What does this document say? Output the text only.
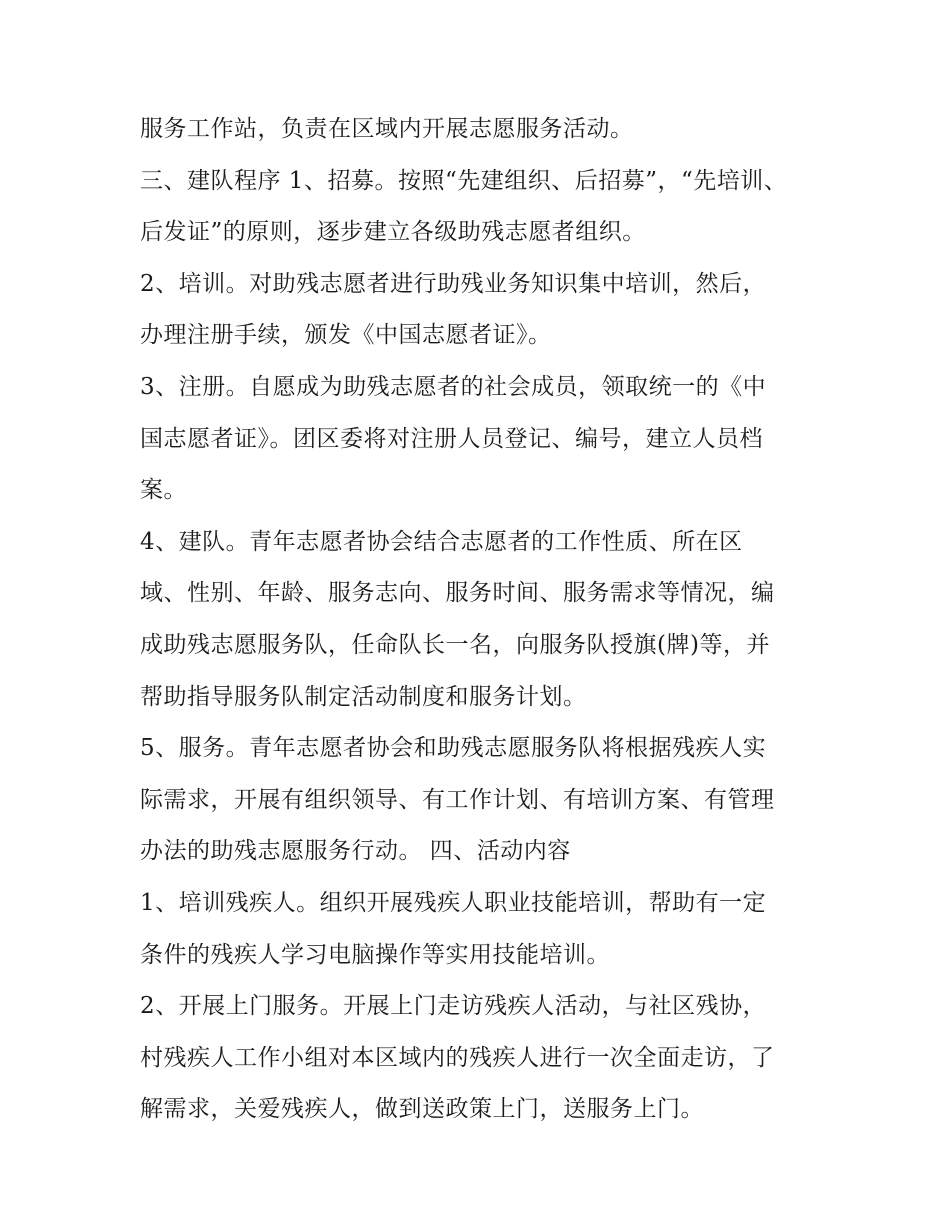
服务工作站，负责在区域内开展志愿服务活动。
三、建队程序 1、招募。按照“先建组织、后招募”，“先培训、
后发证”的原则，逐步建立各级助残志愿者组织。
2、培训。对助残志愿者进行助残业务知识集中培训，然后，
办理注册手续，颁发《中国志愿者证》。
3、注册。自愿成为助残志愿者的社会成员，领取统一的《中
国志愿者证》。团区委将对注册人员登记、编号，建立人员档
案。
4、建队。青年志愿者协会结合志愿者的工作性质、所在区
域、性别、年龄、服务志向、服务时间、服务需求等情况，编
成助残志愿服务队，任命队长一名，向服务队授旗(牌)等，并
帮助指导服务队制定活动制度和服务计划。
5、服务。青年志愿者协会和助残志愿服务队将根据残疾人实
际需求，开展有组织领导、有工作计划、有培训方案、有管理
办法的助残志愿服务行动。 四、活动内容
1、培训残疾人。组织开展残疾人职业技能培训，帮助有一定
条件的残疾人学习电脑操作等实用技能培训。
2、开展上门服务。开展上门走访残疾人活动，与社区残协，
村残疾人工作小组对本区域内的残疾人进行一次全面走访，了
解需求，关爱残疾人，做到送政策上门，送服务上门。
